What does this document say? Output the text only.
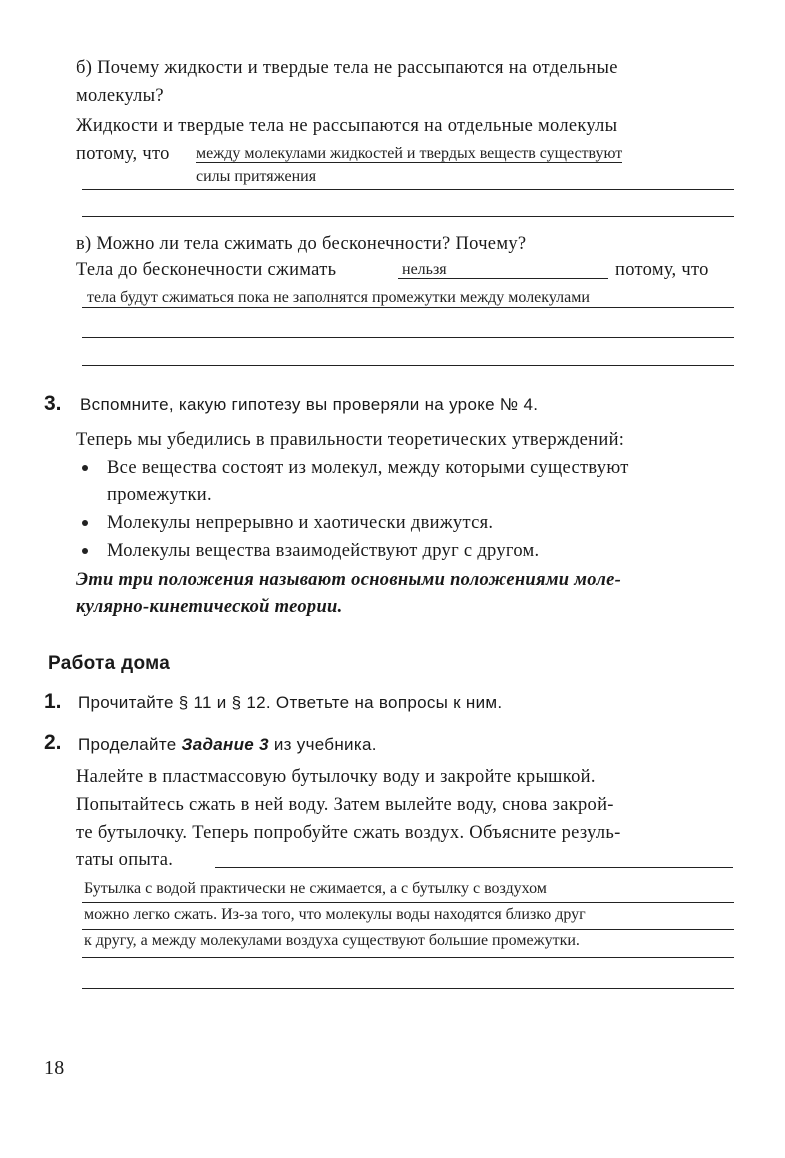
б) Почему жидкости и твердые тела не рассыпаются на отдельные
молекулы?
Жидкости и твердые тела не рассыпаются на отдельные молекулы
потому, что между молекулами жидкостей и твердых веществ существуют
силы притяжения
в) Можно ли тела сжимать до бесконечности? Почему?
Тела до бесконечности сжимать	нельзя	потому, что
тела будут сжиматься пока не заполнятся промежутки между молекулами
3. Вспомните, какую гипотезу вы проверяли на уроке № 4.
Теперь мы убедились в правильности теоретических утверждений:
Все вещества состоят из молекул, между которыми существуют
промежутки.
Молекулы непрерывно и хаотически движутся.
Молекулы вещества взаимодействуют друг с другом.
Эти три положения называют основными положениями моле-
кулярно-кинетической теории.
Работа дома
1. Прочитайте § 11 и § 12. Ответьте на вопросы к ним.
2. Проделайте Задание 3 из учебника.
Налейте в пластмассовую бутылочку воду и закройте крышкой.
Попытайтесь сжать в ней воду. Затем вылейте воду, снова закрой-
те бутылочку. Теперь попробуйте сжать воздух. Объясните резуль-
таты опыта.
Бутылка с водой практически не сжимается, а с бутылку с воздухом
можно легко сжать. Из-за того, что молекулы воды находятся близко друг
к другу, а между молекулами воздуха существуют большие промежутки.
18
